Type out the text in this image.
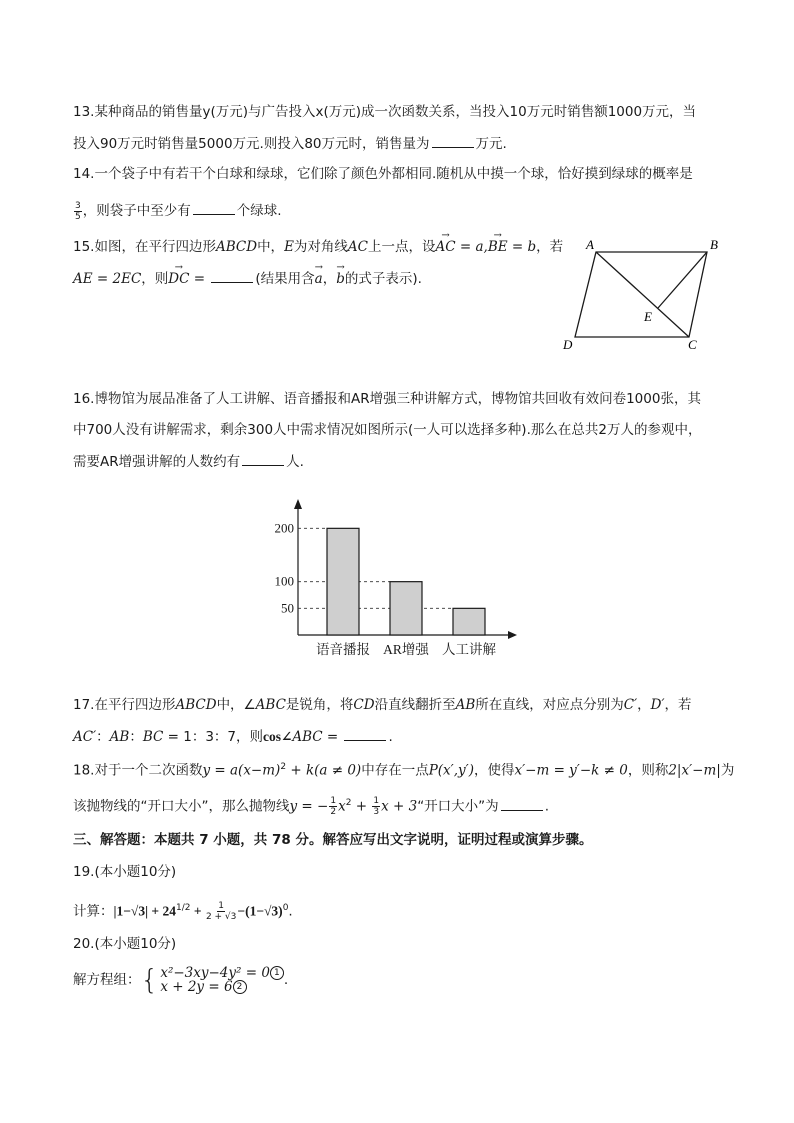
13.某种商品的销售量y(万元)与广告投入x(万元)成一次函数关系，当投入10万元时销售额1000万元，当
投入90万元时销售量5000万元.则投入80万元时，销售量为	万元.
14.一个袋子中有若干个白球和绿球，它们除了颜色外都相同.随机从中摸一个球，恰好摸到绿球的概率是
$\frac{3}{5}$ ，则袋子中至少有	个绿球.
15.如图，在平行四边形ABCD中，E为对角线AC上一点，设→ AC = a,→ BE = b，若
AE = 2EC，则→ DC =	(结果用含→ a，→ b的式子表示).
A	B
C
D
E
16.博物馆为展品准备了人工讲解、语音播报和AR增强三种讲解方式，博物馆共回收有效问卷1000张，其
中700人没有讲解需求，剩余300人中需求情况如图所示(一人可以选择多种).那么在总共2万人的参观中，
需要AR增强讲解的人数约有	人.
200
100
50
语音播报 AR增强 人工讲解
17.在平行四边形ABCD中，∠ABC是锐角，将CD沿直线翻折至AB所在直线，对应点分别为C′，D′，若
AC′：AB：BC = 1：3：7，则cos∠ABC =	.
18.对于一个二次函数$y = a(x-m)^2 + k(a \ne 0)$中存在一点P(x′,y′)，使得x′−m = y′−k ≠ 0，则称2|x′−m|为
该抛物线的“开口大小”，那么抛物线y = − $\frac{1}{2} x^2 + \frac{1}{3}$ x + 3“开口大小”为	.
三、解答题：本题共 7 小题，共 78 分。解答应写出文字说明，证明过程或演算步骤。
19.(本小题10分)
计算：$|1-√3| + 24^{1/2} + \frac{1}{2 + √3} -(1-√3)^0$.
20.(本小题10分)
解方程组： { x²−3xy−4y² = 0 1
x + 2y = 6 2	.
